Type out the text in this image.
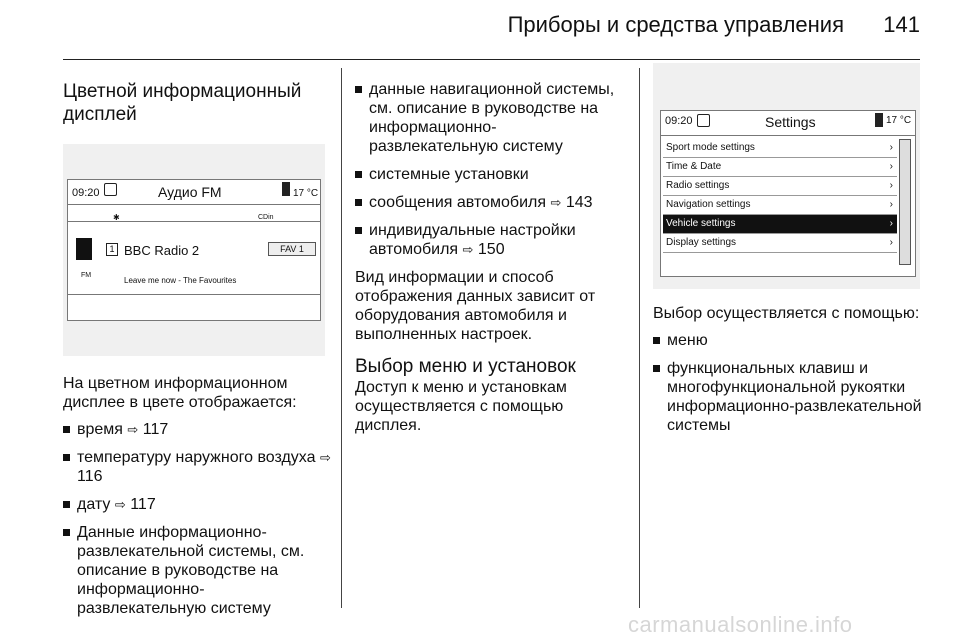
Приборы и средства управления 141
Цветной информационный дисплей
09:20	Аудио FM	17 °C
✱	CDin
FM
1 BBC Radio 2	FAV 1
Leave me now - The Favourites

На цветном информационном дисплее в цвете отображается:

время ⇨ 117
температуру наружного воздуха ⇨ 116
дату ⇨ 117
Данные информационно-развлекательной системы, см. описание в руководстве на информационно-развлекательную систему
данные навигационной системы, см. описание в руководстве на информационно-развлекательную систему
системные установки
сообщения автомобиля ⇨ 143
индивидуальные настройки автомобиля ⇨ 150

Вид информации и способ отображения данных зависит от оборудования автомобиля и выполненных настроек.

Выбор меню и установок

Доступ к меню и установкам осуществляется с помощью дисплея.

09:20	Settings	17 °C
Sport mode settings	›
Time & Date	›
Radio settings	›
Navigation settings	›
Vehicle settings	›
Display settings	›

Выбор осуществляется с помощью:

меню
функциональных клавиш и многофункциональной рукоятки информационно-развлекательной системы
carmanualsonline.info
